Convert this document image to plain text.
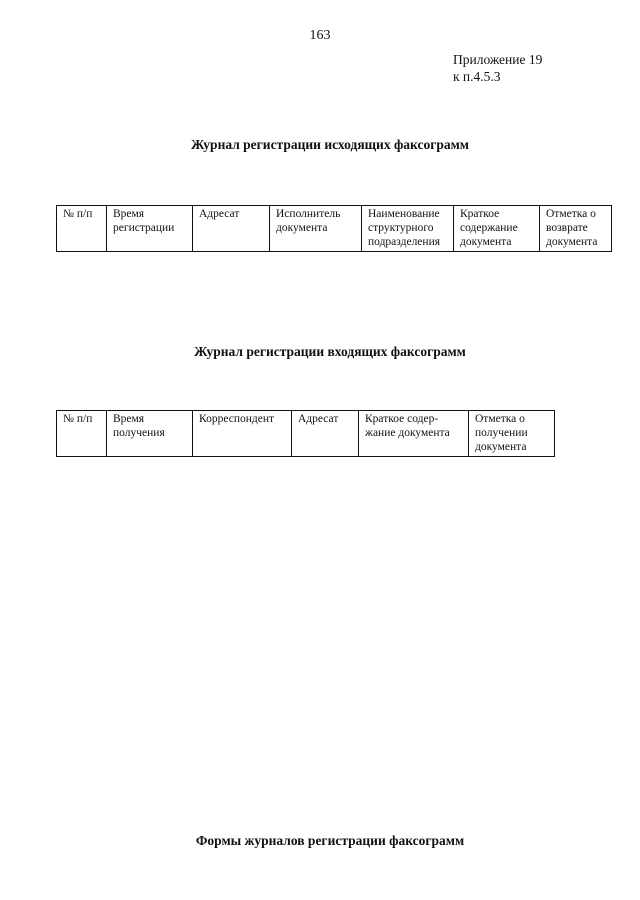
163
Приложение 19
к п.4.5.3
Журнал регистрации исходящих факсограмм
№ п/п	Время регистрации	Адресат	Исполнитель документа	Наименование структурного подразделения	Краткое содержание документа	Отметка о возврате документа
Журнал регистрации входящих факсограмм
№ п/п	Время получения	Корреспондент	Адресат	Краткое содер-жание документа	Отметка о получении документа
Формы журналов регистрации факсограмм
